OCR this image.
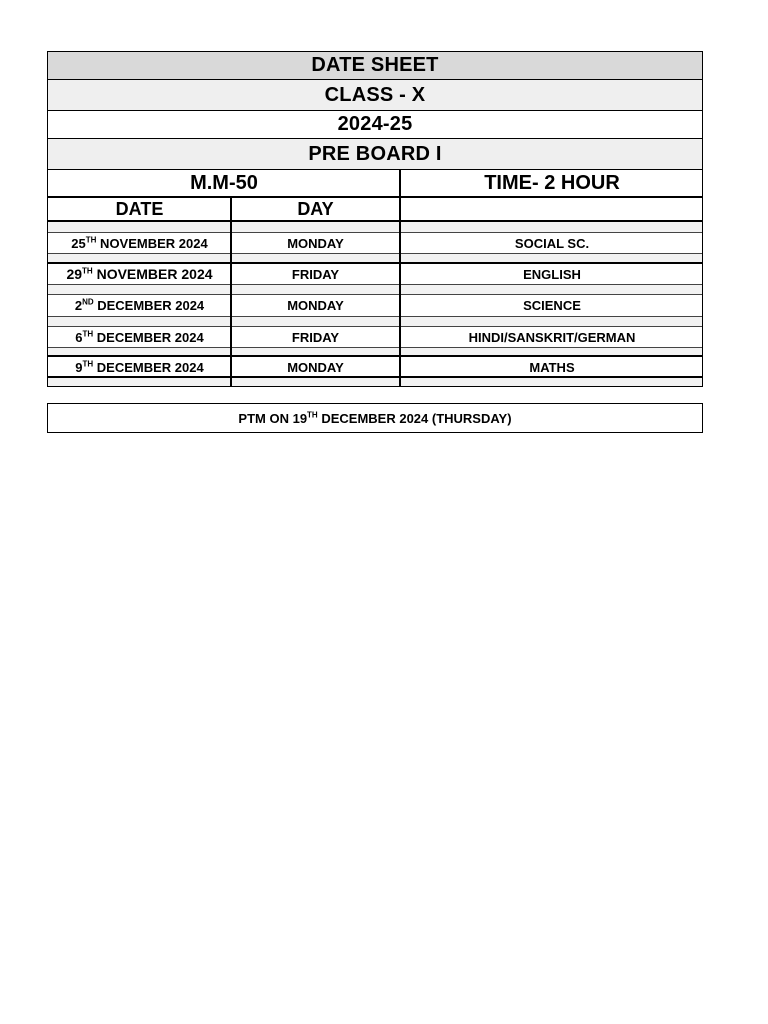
DATE SHEET
CLASS - X
2024-25
PRE BOARD I
M.M-50	TIME- 2 HOUR
DATE	DAY
25TH NOVEMBER 2024	MONDAY	SOCIAL SC.
29TH NOVEMBER 2024	FRIDAY	ENGLISH
2ND DECEMBER 2024	MONDAY	SCIENCE
6TH DECEMBER 2024	FRIDAY	HINDI/SANSKRIT/GERMAN
9TH DECEMBER 2024	MONDAY	MATHS
PTM ON 19TH DECEMBER 2024 (THURSDAY)
